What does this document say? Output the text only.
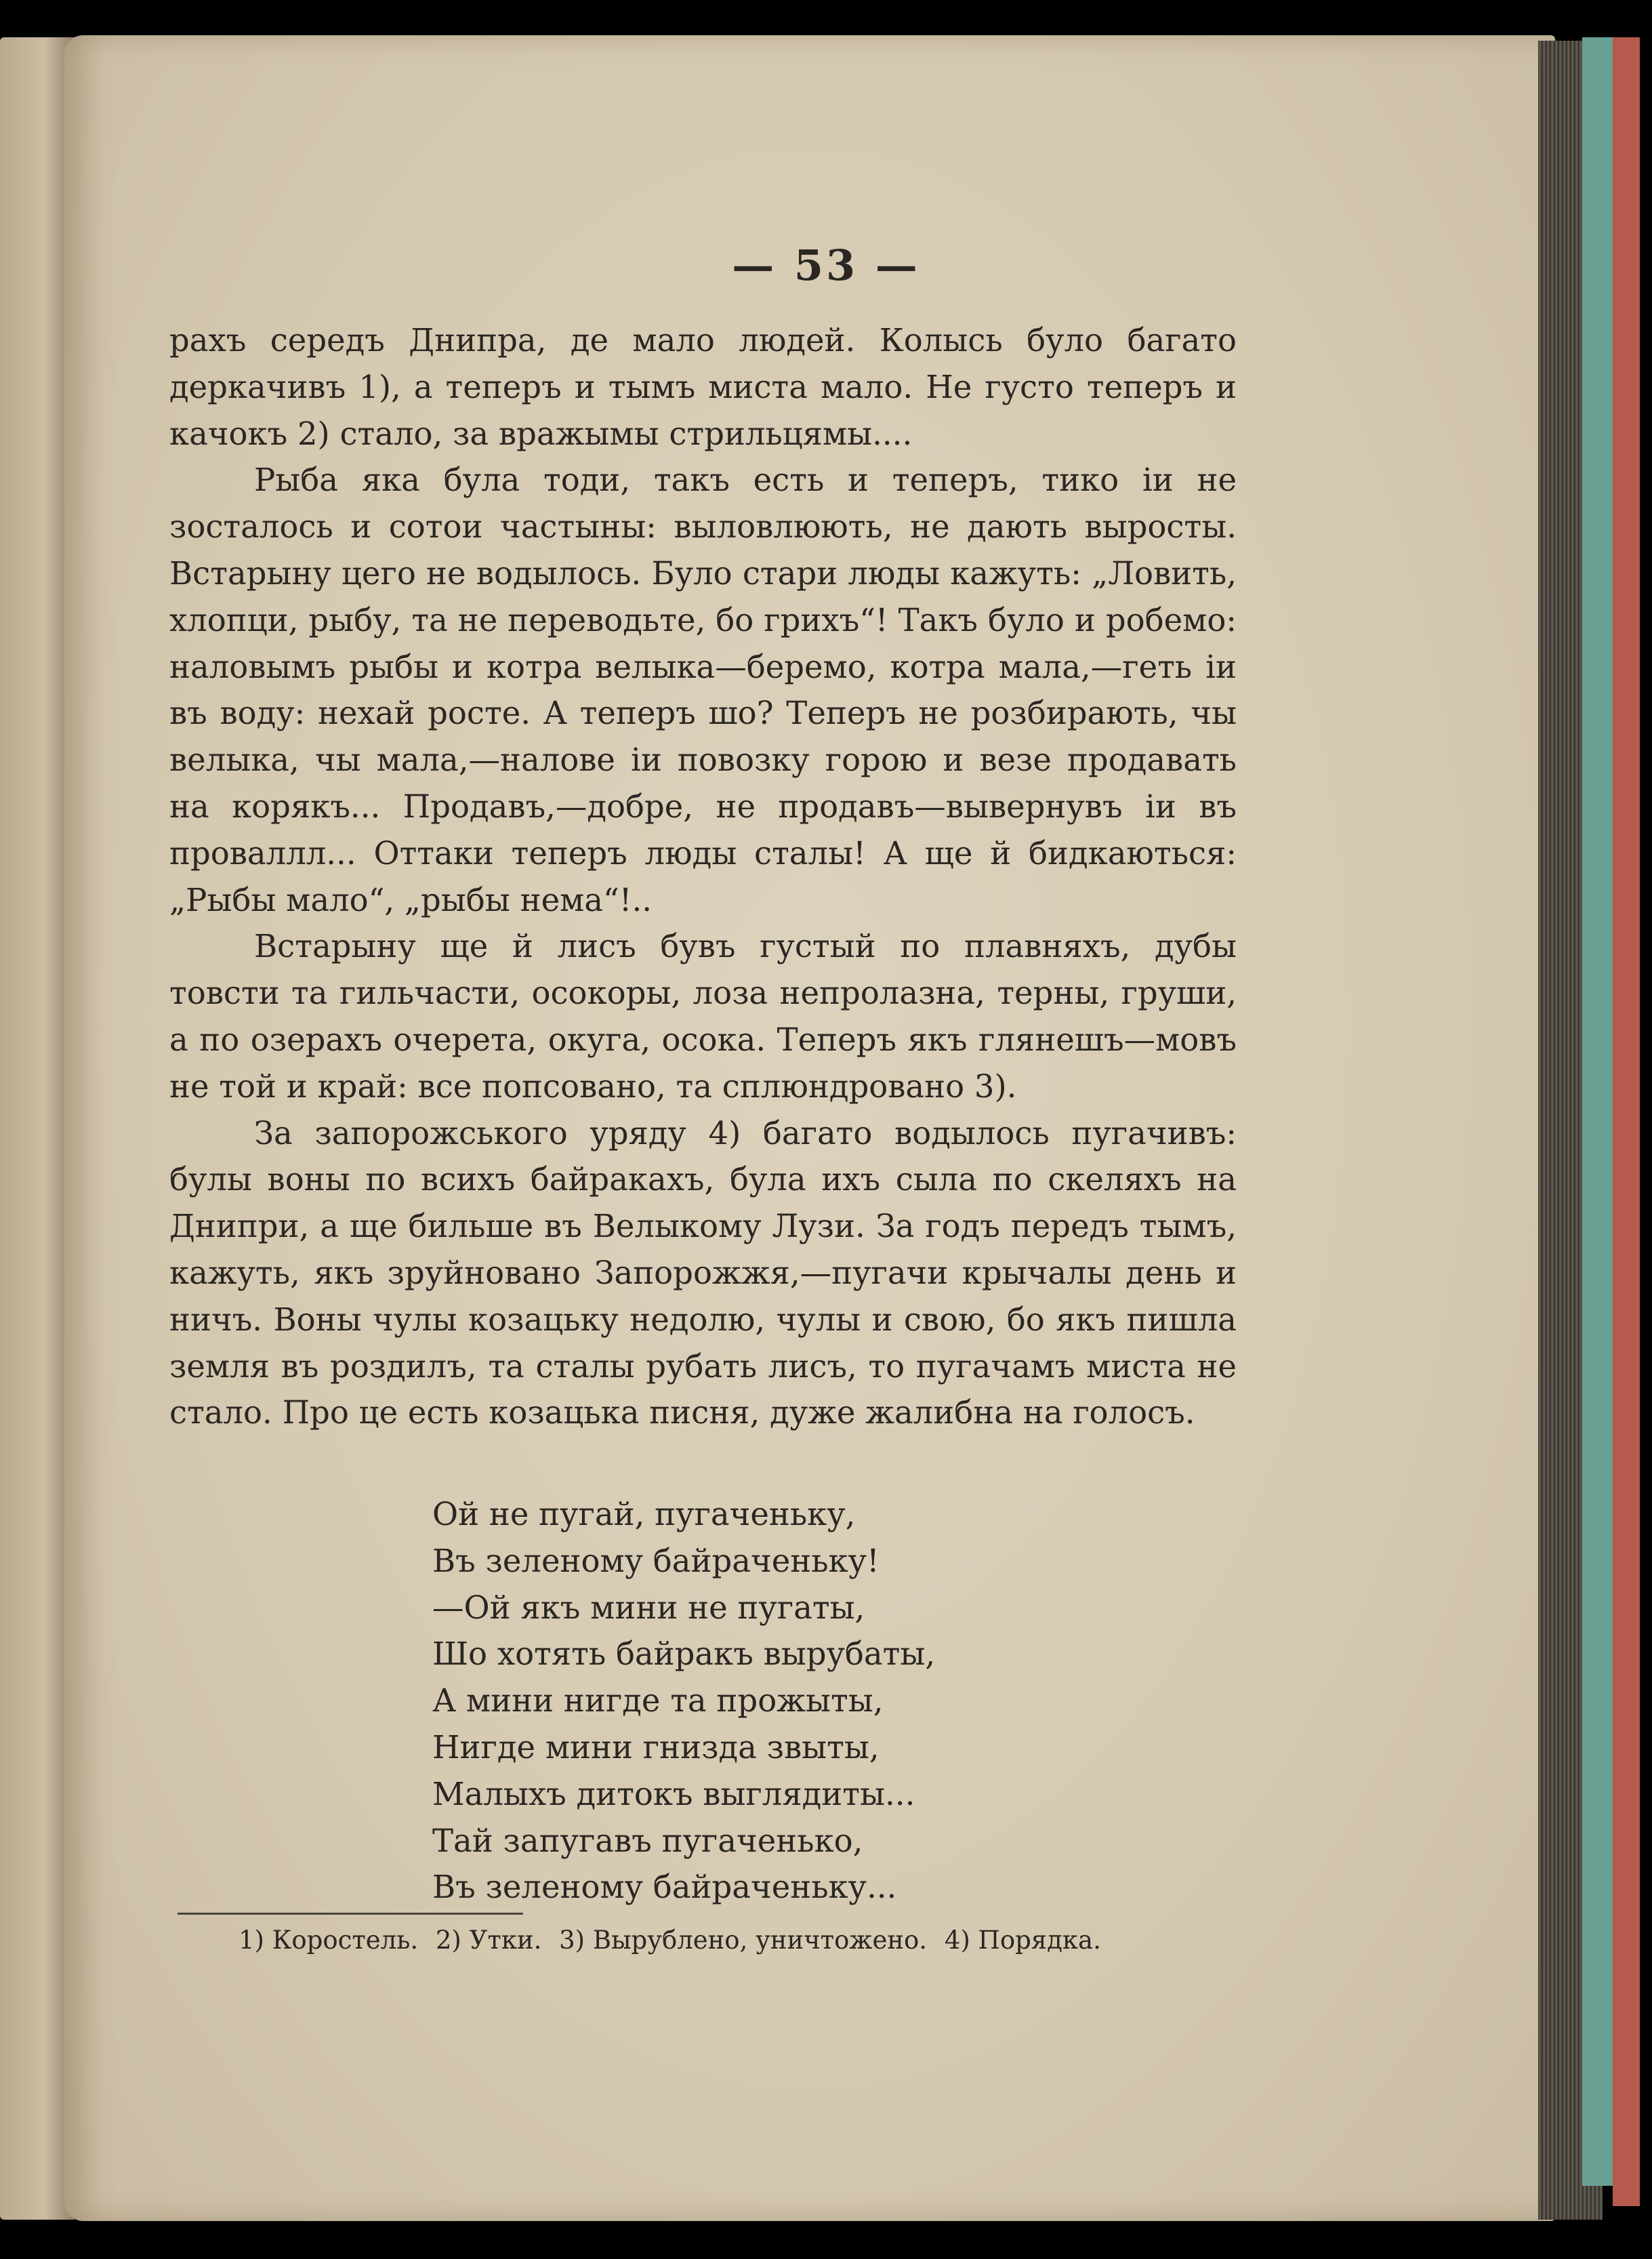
— 53 —

рахъ середъ Днипра, де мало людей. Колысь було багато деркачивъ 1), а теперъ и тымъ миста мало. Не густо теперъ и качокъ 2) стало, за вражымы стрильцямы....

Рыба яка була тоди, такъ есть и теперъ, тико іи не зосталось и сотои частыны: выловлюють, не дають выросты. Встарыну цего не водылось. Було стари люды кажуть: „Ловить, хлопци, рыбу, та не переводьте, бо грихъ“! Такъ було и робемо: наловымъ рыбы и котра велыка—беремо, котра мала,—геть іи въ воду: нехай росте. А теперъ шо? Теперъ не розбирають, чы велыка, чы мала,—налове іи повозку горою и везе продавать на корякъ... Продавъ,—добре, не продавъ—вывернувъ іи въ проваллл... Оттаки теперъ люды сталы! А ще й бидкаються: „Рыбы мало“, „рыбы нема“!..

Встарыну ще й лисъ бувъ густый по плавняхъ, дубы товсти та гильчасти, осокоры, лоза непролазна, терны, груши, а по озерахъ очерета, окуга, осока. Теперъ якъ глянешъ—мовъ не той и край: все попсовано, та сплюндровано 3).

За запорожського уряду 4) багато водылось пугачивъ: булы воны по всихъ байракахъ, була ихъ сыла по скеляхъ на Днипри, а ще бильше въ Велыкому Лузи. За годъ передъ тымъ, кажуть, якъ зруйновано Запорожжя,—пугачи крычалы день и ничъ. Воны чулы козацьку недолю, чулы и свою, бо якъ пишла земля въ роздилъ, та сталы рубать лисъ, то пугачамъ миста не стало. Про це есть козацька писня, дуже жалибна на голосъ.

Ой не пугай, пугаченьку,
Въ зеленому байраченьку!
—Ой якъ мини не пугаты,
Шо хотять байракъ вырубаты,
А мини нигде та прожыты,
Нигде мини гнизда звыты,
Малыхъ дитокъ выглядиты...
Тай запугавъ пугаченько,
Въ зеленому байраченьку...
1) Коростель. 2) Утки. 3) Вырублено, уничтожено. 4) Порядка.
